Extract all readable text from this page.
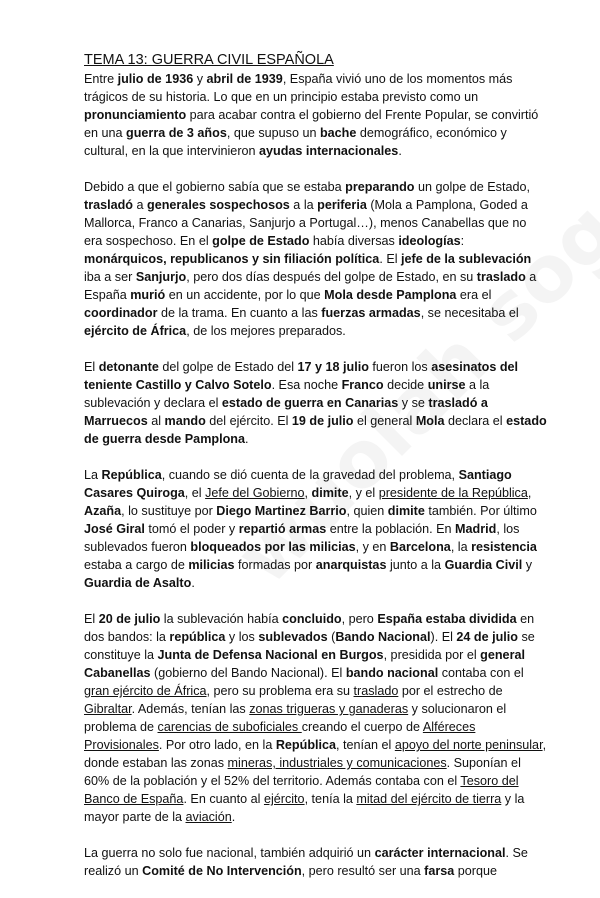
TEMA 13: GUERRA CIVIL ESPAÑOLA

Entre julio de 1936 y abril de 1939, España vivió uno de los momentos más trágicos de su historia. Lo que en un principio estaba previsto como un pronunciamiento para acabar contra el gobierno del Frente Popular, se convirtió en una guerra de 3 años, que supuso un bache demográfico, económico y cultural, en la que intervinieron ayudas internacionales.

Debido a que el gobierno sabía que se estaba preparando un golpe de Estado, trasladó a generales sospechosos a la periferia (Mola a Pamplona, Goded a Mallorca, Franco a Canarias, Sanjurjo a Portugal…), menos Canabellas que no era sospechoso. En el golpe de Estado había diversas ideologías: monárquicos, republicanos y sin filiación política. El jefe de la sublevación iba a ser Sanjurjo, pero dos días después del golpe de Estado, en su traslado a España murió en un accidente, por lo que Mola desde Pamplona era el coordinador de la trama. En cuanto a las fuerzas armadas, se necesitaba el ejército de África, de los mejores preparados.

El detonante del golpe de Estado del 17 y 18 julio fueron los asesinatos del teniente Castillo y Calvo Sotelo. Esa noche Franco decide unirse a la sublevación y declara el estado de guerra en Canarias y se trasladó a Marruecos al mando del ejército. El 19 de julio el general Mola declara el estado de guerra desde Pamplona.

La República, cuando se dió cuenta de la gravedad del problema, Santiago Casares Quiroga, el Jefe del Gobierno, dimite, y el presidente de la República, Azaña, lo sustituye por Diego Martinez Barrio, quien dimite también. Por último José Giral tomó el poder y repartió armas entre la población. En Madrid, los sublevados fueron bloqueados por las milicias, y en Barcelona, la resistencia estaba a cargo de milicias formadas por anarquistas junto a la Guardia Civil y Guardia de Asalto.

El 20 de julio la sublevación había concluido, pero España estaba dividida en dos bandos: la república y los sublevados (Bando Nacional). El 24 de julio se constituye la Junta de Defensa Nacional en Burgos, presidida por el general Cabanellas (gobierno del Bando Nacional). El bando nacional contaba con el gran ejército de África, pero su problema era su traslado por el estrecho de Gibraltar. Además, tenían las zonas trigueras y ganaderas y solucionaron el problema de carencias de suboficiales creando el cuerpo de Alféreces Provisionales. Por otro lado, en la República, tenían el apoyo del norte peninsular, donde estaban las zonas mineras, industriales y comunicaciones. Suponían el 60% de la población y el 52% del territorio. Además contaba con el Tesoro del Banco de España. En cuanto al ejército, tenía la mitad del ejército de tierra y la mayor parte de la aviación.

La guerra no solo fue nacional, también adquirió un carácter internacional. Se realizó un Comité de No Intervención, pero resultó ser una farsa porque
